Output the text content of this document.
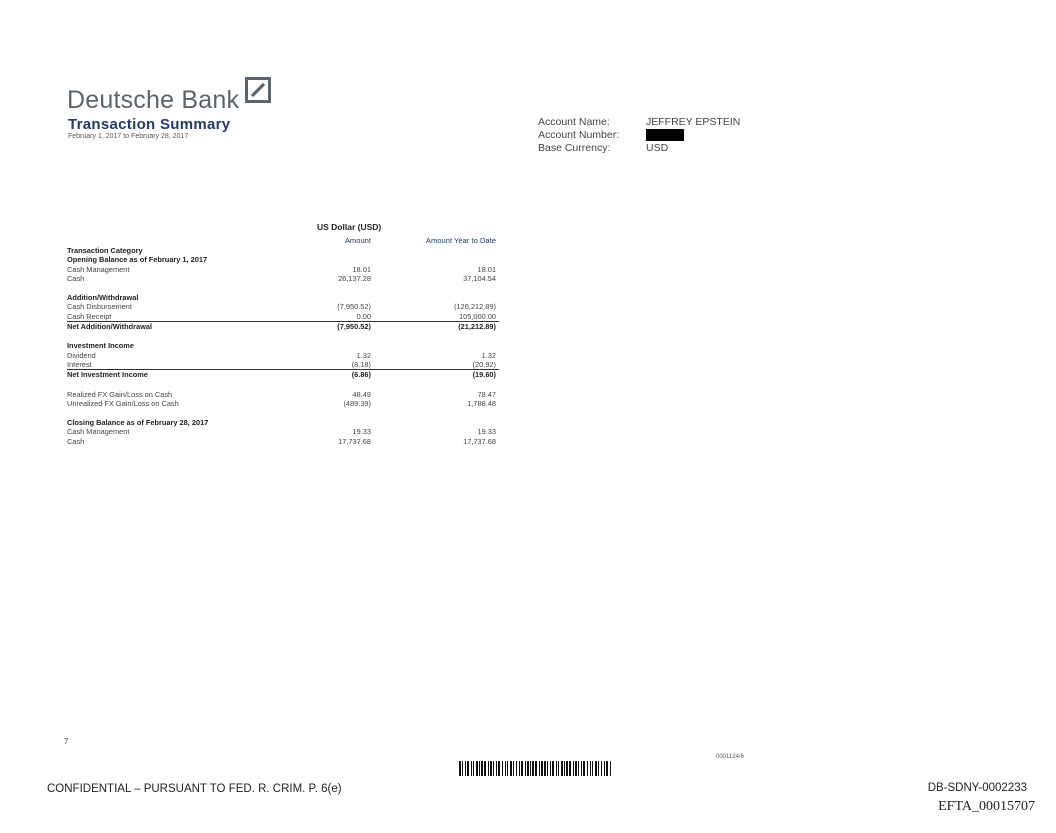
Deutsche Bank
Transaction Summary
February 1, 2017 to February 28, 2017
Account Name:	JEFFREY EPSTEIN
Account Number:
Base Currency:	USD
US Dollar (USD)
Amount	Amount Year to Date
Transaction Category
Opening Balance as of February 1, 2017
Cash Management	18.01	18.01
Cash	26,137.28	37,104.54
Addition/Withdrawal
Cash Disbursement	(7,950.52)	(126,212.89)
Cash Receipt	0.00	105,000.00
Net Addition/Withdrawal	(7,950.52)	(21,212.89)
Investment Income
Dividend	1.32	1.32
Interest	(8.18)	(20.92)
Net Investment Income	(6.86)	(19.60)
Realized FX Gain/Loss on Cash	48.49	78.47
Unrealized FX Gain/Loss on Cash	(489.39)	1,788.48
Closing Balance as of February 28, 2017
Cash Management	19.33	19.33
Cash	17,737.68	17,737.68
7
0001124/6
CONFIDENTIAL – PURSUANT TO FED. R. CRIM. P. 6(e)	DB-SDNY-0002233
EFTA_00015707
